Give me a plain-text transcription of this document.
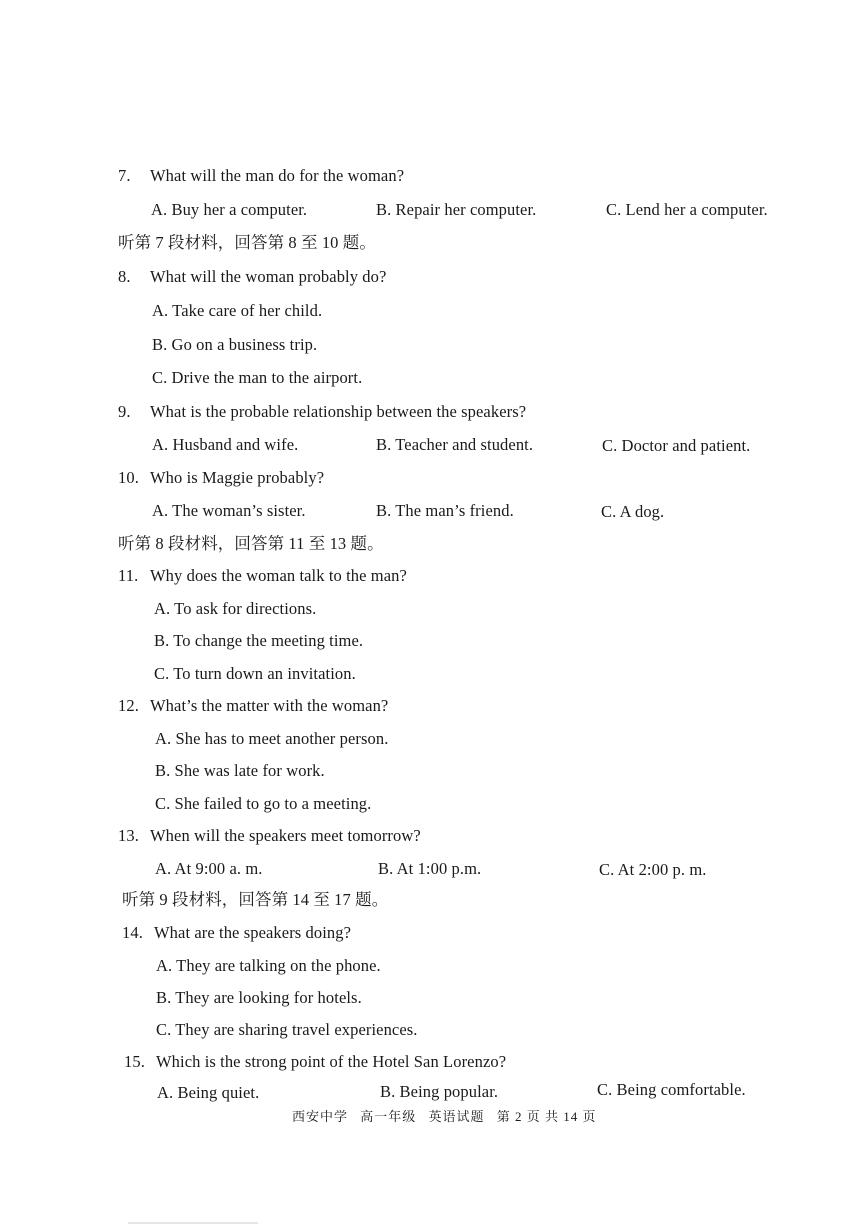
7. What will the man do for the woman?
A. Buy her a computer.	B. Repair her computer.	C. Lend her a computer.
听第 7 段材料，回答第 8 至 10 题。
8. What will the woman probably do?
A. Take care of her child.
B. Go on a business trip.
C. Drive the man to the airport.
9. What is the probable relationship between the speakers?
A. Husband and wife.	B. Teacher and student.	C. Doctor and patient.
10. Who is Maggie probably?
A. The woman’s sister.	B. The man’s friend.	C. A dog.
听第 8 段材料，回答第 11 至 13 题。
11. Why does the woman talk to the man?
A. To ask for directions.
B. To change the meeting time.
C. To turn down an invitation.
12. What’s the matter with the woman?
A. She has to meet another person.
B. She was late for work.
C. She failed to go to a meeting.
13. When will the speakers meet tomorrow?
A. At 9:00 a. m.	B. At 1:00 p.m.	C. At 2:00 p. m.
听第 9 段材料，回答第 14 至 17 题。
14. What are the speakers doing?
A. They are talking on the phone.
B. They are looking for hotels.
C. They are sharing travel experiences.
15. Which is the strong point of the Hotel San Lorenzo?
A. Being quiet.	B. Being popular.	C. Being comfortable.
西安中学 高一年级 英语试题 第 2 页 共 14 页
